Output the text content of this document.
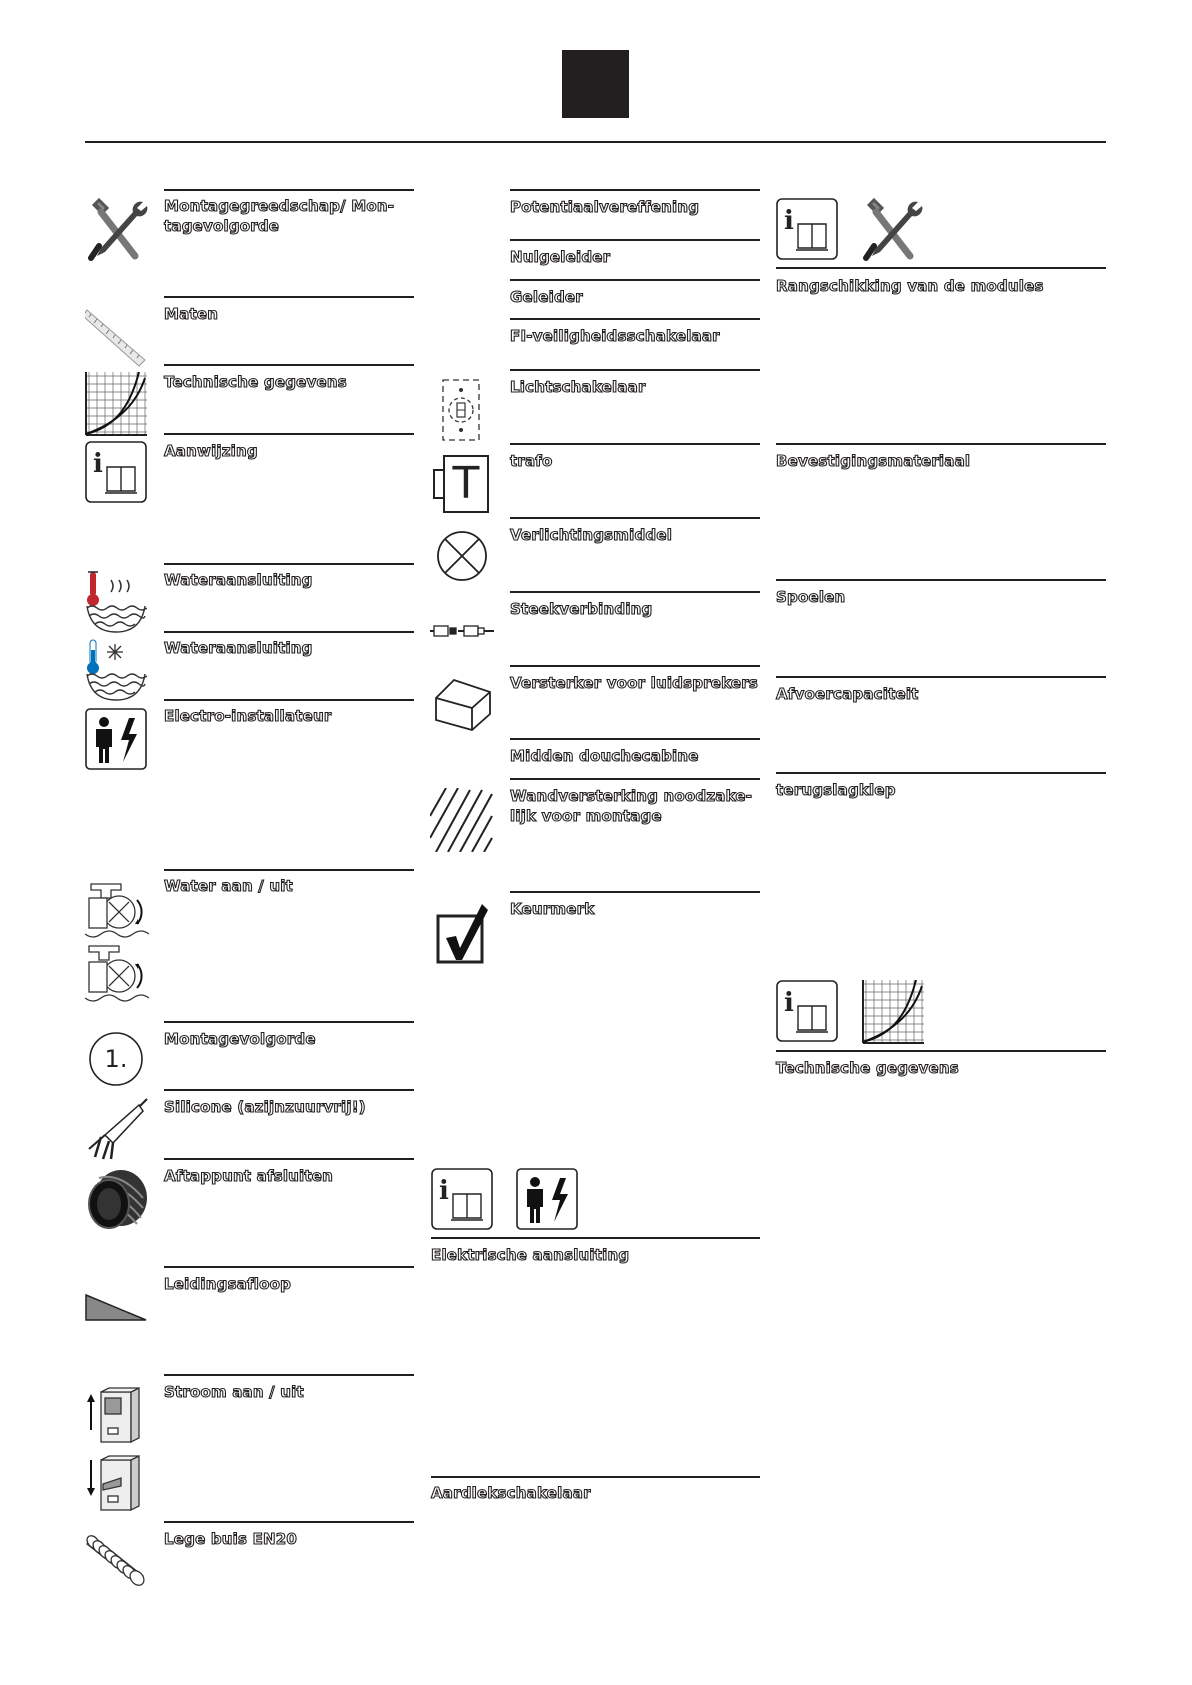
Montagegreedschap/ Mon-
tagevolgorde
Maten
Technische gegevens
Aanwijzing
i
Wateraansluiting
Wateraansluiting
Electro-installateur
Water aan / uit
Montagevolgorde
1.
Silicone (azijnzuurvrij!)
Aftappunt afsluiten
Leidingsafloop
Stroom aan / uit
Lege buis EN20
Potentiaalvereffening
Nulgeleider
Geleider
FI-veiligheidsschakelaar
Lichtschakelaar
trafo
T
Verlichtingsmiddel
Steekverbinding
Versterker voor luidsprekers
Midden douchecabine
Wandversterking noodzake-
lijk voor montage
Keurmerk
i
Elektrische aansluiting
Aardlekschakelaar
i
Rangschikking van de modules
Bevestigingsmateriaal
Spoelen
Afvoercapaciteit
terugslagklep
i
Technische gegevens
